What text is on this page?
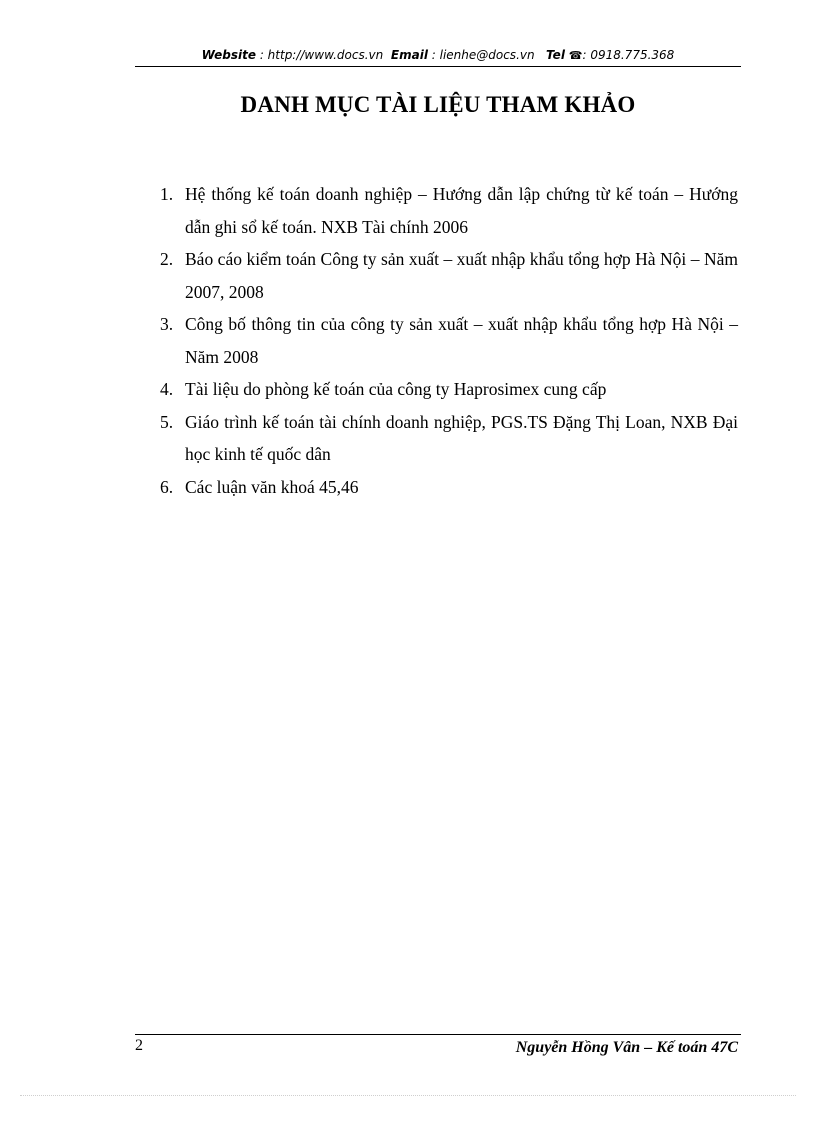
Website : http://www.docs.vn Email : lienhe@docs.vn Tel ☎: 0918.775.368
DANH MỤC TÀI LIỆU THAM KHẢO
1. Hệ thống kế toán doanh nghiệp – Hướng dẫn lập chứng từ kế toán – Hướng dẫn ghi sổ kế toán. NXB Tài chính 2006
2. Báo cáo kiểm toán Công ty sản xuất – xuất nhập khẩu tổng hợp Hà Nội – Năm 2007, 2008
3. Công bố thông tin của công ty sản xuất – xuất nhập khẩu tổng hợp Hà Nội – Năm 2008
4. Tài liệu do phòng kế toán của công ty Haprosimex cung cấp
5. Giáo trình kế toán tài chính doanh nghiệp, PGS.TS Đặng Thị Loan, NXB Đại học kinh tế quốc dân
6. Các luận văn khoá 45,46
2	Nguyễn Hồng Vân – Kế toán 47C
